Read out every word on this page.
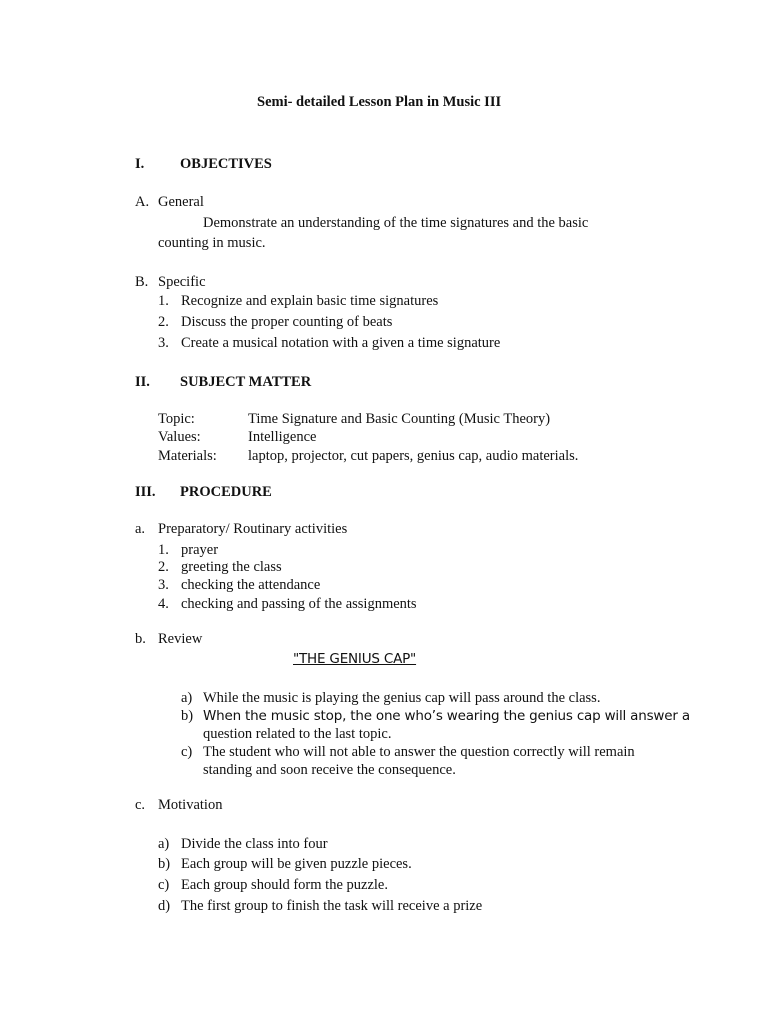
Semi- detailed Lesson Plan in Music III
I. OBJECTIVES
A. General
Demonstrate an understanding of the time signatures and the basic
counting in music.
B. Specific
1. Recognize and explain basic time signatures
2. Discuss the proper counting of beats
3. Create a musical notation with a given a time signature
II. SUBJECT MATTER
Topic:	Time Signature and Basic Counting (Music Theory)
Values:	Intelligence
Materials: laptop, projector, cut papers, genius cap, audio materials.
III. PROCEDURE
a. Preparatory/ Routinary activities
1. prayer
2. greeting the class
3. checking the attendance
4. checking and passing of the assignments
b. Review
"THE GENIUS CAP"
a) While the music is playing the genius cap will pass around the class.
b) When the music stop, the one who’s wearing the genius cap will answer a
question related to the last topic.
c) The student who will not able to answer the question correctly will remain
standing and soon receive the consequence.
c. Motivation
a) Divide the class into four
b) Each group will be given puzzle pieces.
c) Each group should form the puzzle.
d) The first group to finish the task will receive a prize
